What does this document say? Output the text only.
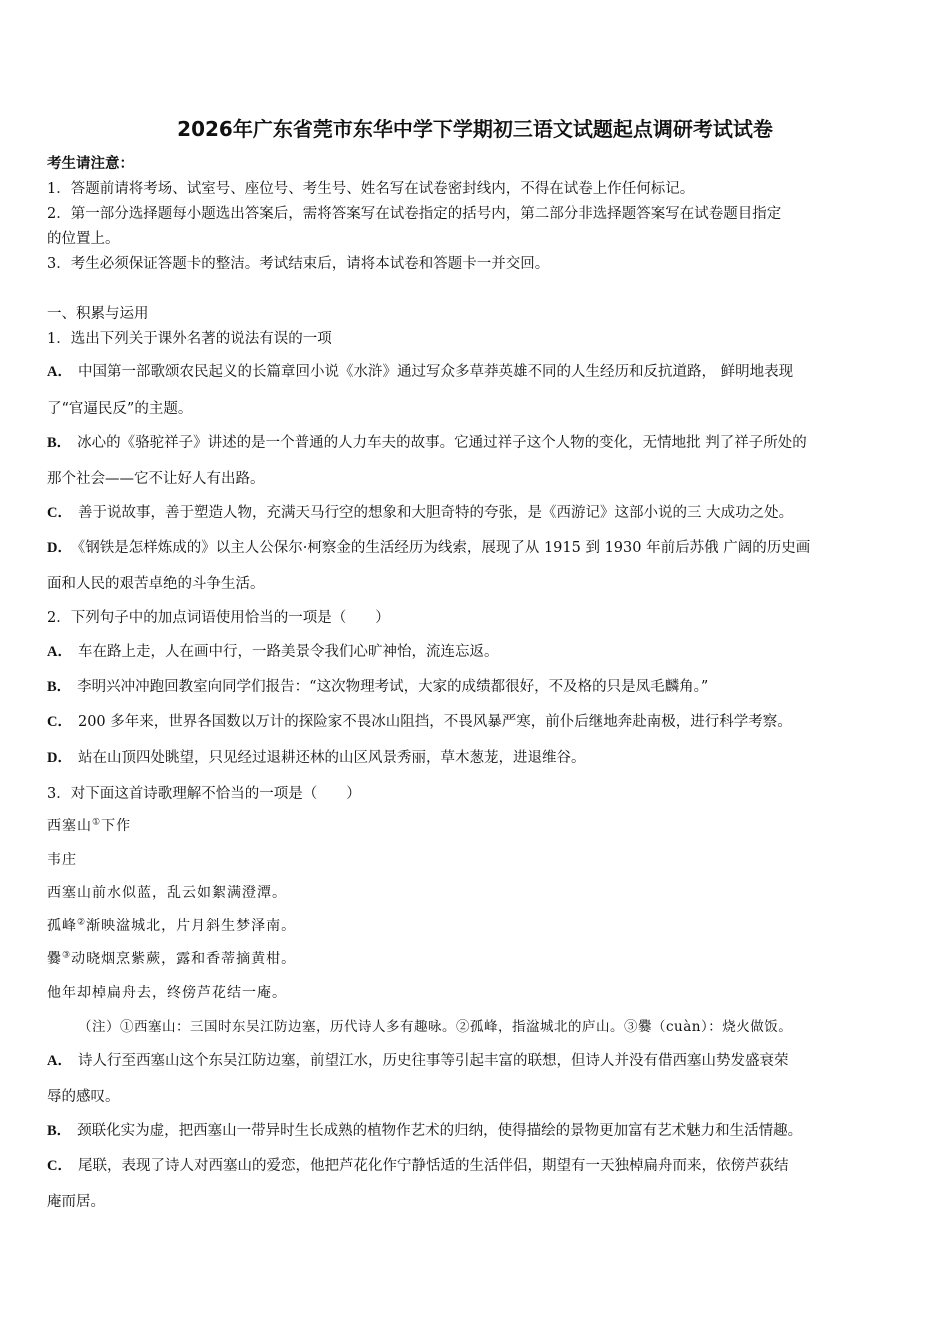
2026年广东省莞市东华中学下学期初三语文试题起点调研考试试卷
考生请注意：
1．答题前请将考场、试室号、座位号、考生号、姓名写在试卷密封线内，不得在试卷上作任何标记。
2．第一部分选择题每小题选出答案后，需将答案写在试卷指定的括号内，第二部分非选择题答案写在试卷题目指定
的位置上。
3．考生必须保证答题卡的整洁。考试结束后，请将本试卷和答题卡一并交回。
一、积累与运用
1．选出下列关于课外名著的说法有误的一项
A． 中国第一部歌颂农民起义的长篇章回小说《水浒》通过写众多草莽英雄不同的人生经历和反抗道路， 鲜明地表现
了“官逼民反”的主题。
B． 冰心的《骆驼祥子》讲述的是一个普通的人力车夫的故事。它通过祥子这个人物的变化，无情地批 判了祥子所处的
那个社会——它不让好人有出路。
C． 善于说故事，善于塑造人物，充满天马行空的想象和大胆奇特的夸张，是《西游记》这部小说的三 大成功之处。
D． 《钢铁是怎样炼成的》以主人公保尔·柯察金的生活经历为线索，展现了从 1915 到 1930 年前后苏俄 广阔的历史画
面和人民的艰苦卓绝的斗争生活。
2．下列句子中的加点词语使用恰当的一项是（　　）
A． 车在路上走，人在画中行，一路美景令我们心旷神怡，流连忘返。
B． 李明兴冲冲跑回教室向同学们报告：“这次物理考试，大家的成绩都很好，不及格的只是凤毛麟角。”
C． 200 多年来，世界各国数以万计的探险家不畏冰山阻挡，不畏风暴严寒，前仆后继地奔赴南极，进行科学考察。
D． 站在山顶四处眺望，只见经过退耕还林的山区风景秀丽，草木葱茏，进退维谷。
3．对下面这首诗歌理解不恰当的一项是（　　）
西塞山①下作
韦庄
西塞山前水似蓝，乱云如絮满澄潭。
孤峰②渐映湓城北，片月斜生梦泽南。
爨③动晓烟烹紫蕨，露和香蒂摘黄柑。
他年却棹扁舟去，终傍芦花结一庵。
（注）①西塞山：三国时东吴江防边塞，历代诗人多有趣咏。②孤峰，指湓城北的庐山。③爨（cuàn）：烧火做饭。
A． 诗人行至西塞山这个东吴江防边塞，前望江水，历史往事等引起丰富的联想，但诗人并没有借西塞山势发盛衰荣
辱的感叹。
B． 颈联化实为虚，把西塞山一带异时生长成熟的植物作艺术的归纳，使得描绘的景物更加富有艺术魅力和生活情趣。
C． 尾联，表现了诗人对西塞山的爱恋，他把芦花化作宁静恬适的生活伴侣，期望有一天独棹扁舟而来，依傍芦荻结
庵而居。
